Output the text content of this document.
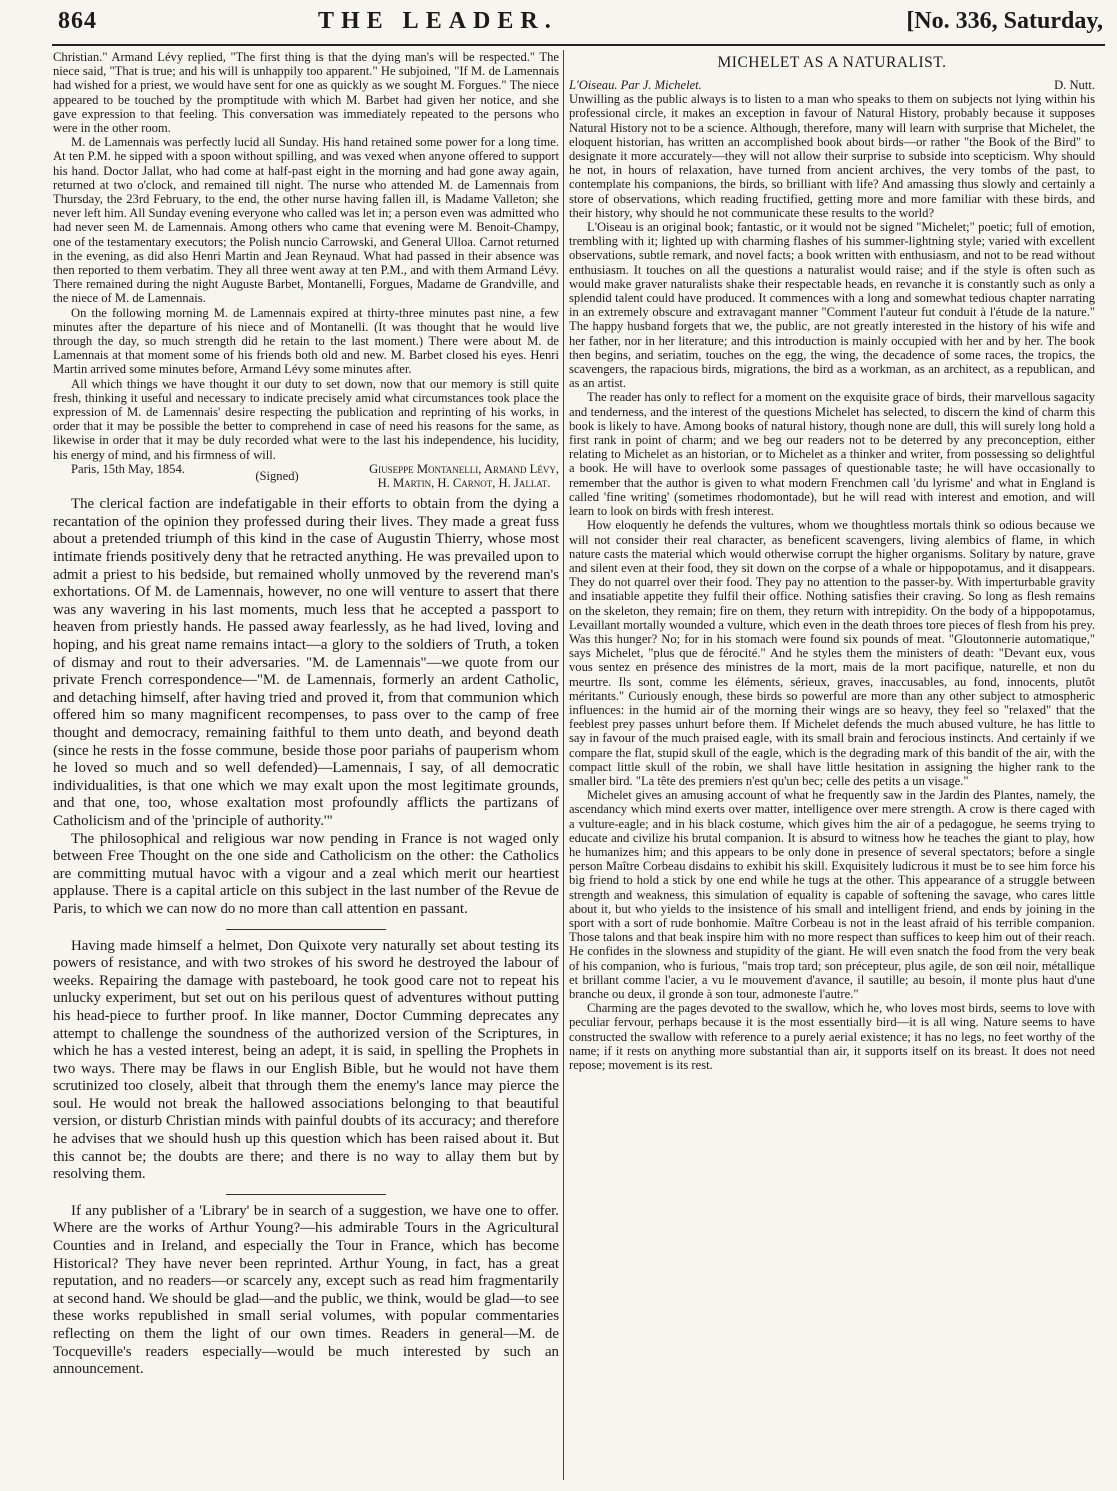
864	THE LEADER.	[No. 336, Saturday,

Christian." Armand Lévy replied, "The first thing is that the dying man's will be respected." The niece said, "That is true; and his will is unhappily too apparent." He subjoined, "If M. de Lamennais had wished for a priest, we would have sent for one as quickly as we sought M. Forgues." The niece appeared to be touched by the promptitude with which M. Barbet had given her notice, and she gave expression to that feeling. This conversation was immediately repeated to the persons who were in the other room.

M. de Lamennais was perfectly lucid all Sunday. His hand retained some power for a long time. At ten P.M. he sipped with a spoon without spilling, and was vexed when anyone offered to support his hand. Doctor Jallat, who had come at half-past eight in the morning and had gone away again, returned at two o'clock, and remained till night. The nurse who attended M. de Lamennais from Thursday, the 23rd February, to the end, the other nurse having fallen ill, is Madame Valleton; she never left him. All Sunday evening everyone who called was let in; a person even was admitted who had never seen M. de Lamennais. Among others who came that evening were M. Benoit-Champy, one of the testamentary executors; the Polish nuncio Carrowski, and General Ulloa. Carnot returned in the evening, as did also Henri Martin and Jean Reynaud. What had passed in their absence was then reported to them verbatim. They all three went away at ten P.M., and with them Armand Lévy. There remained during the night Auguste Barbet, Montanelli, Forgues, Madame de Grandville, and the niece of M. de Lamennais.

On the following morning M. de Lamennais expired at thirty-three minutes past nine, a few minutes after the departure of his niece and of Montanelli. (It was thought that he would live through the day, so much strength did he retain to the last moment.) There were about M. de Lamennais at that moment some of his friends both old and new. M. Barbet closed his eyes. Henri Martin arrived some minutes before, Armand Lévy some minutes after.

All which things we have thought it our duty to set down, now that our memory is still quite fresh, thinking it useful and necessary to indicate precisely amid what circumstances took place the expression of M. de Lamennais' desire respecting the publication and reprinting of his works, in order that it may be possible the better to comprehend in case of need his reasons for the same, as likewise in order that it may be duly recorded what were to the last his independence, his lucidity, his energy of mind, and his firmness of will.

Paris, 15th May, 1854.	(Signed)	Giuseppe Montanelli, Armand Lévy,
H. Martin, H. Carnot, H. Jallat.

The clerical faction are indefatigable in their efforts to obtain from the dying a recantation of the opinion they professed during their lives. They made a great fuss about a pretended triumph of this kind in the case of Augustin Thierry, whose most intimate friends positively deny that he retracted anything. He was prevailed upon to admit a priest to his bedside, but remained wholly unmoved by the reverend man's exhortations. Of M. de Lamennais, however, no one will venture to assert that there was any wavering in his last moments, much less that he accepted a passport to heaven from priestly hands. He passed away fearlessly, as he had lived, loving and hoping, and his great name remains intact—a glory to the soldiers of Truth, a token of dismay and rout to their adversaries. "M. de Lamennais"—we quote from our private French correspondence—"M. de Lamennais, formerly an ardent Catholic, and detaching himself, after having tried and proved it, from that communion which offered him so many magnificent recompenses, to pass over to the camp of free thought and democracy, remaining faithful to them unto death, and beyond death (since he rests in the fosse commune, beside those poor pariahs of pauperism whom he loved so much and so well defended)—Lamennais, I say, of all democratic individualities, is that one which we may exalt upon the most legitimate grounds, and that one, too, whose exaltation most profoundly afflicts the partizans of Catholicism and of the 'principle of authority.'"

The philosophical and religious war now pending in France is not waged only between Free Thought on the one side and Catholicism on the other: the Catholics are committing mutual havoc with a vigour and a zeal which merit our heartiest applause. There is a capital article on this subject in the last number of the Revue de Paris, to which we can now do no more than call attention en passant.

Having made himself a helmet, Don Quixote very naturally set about testing its powers of resistance, and with two strokes of his sword he destroyed the labour of weeks. Repairing the damage with pasteboard, he took good care not to repeat his unlucky experiment, but set out on his perilous quest of adventures without putting his head-piece to further proof. In like manner, Doctor Cumming deprecates any attempt to challenge the soundness of the authorized version of the Scriptures, in which he has a vested interest, being an adept, it is said, in spelling the Prophets in two ways. There may be flaws in our English Bible, but he would not have them scrutinized too closely, albeit that through them the enemy's lance may pierce the soul. He would not break the hallowed associations belonging to that beautiful version, or disturb Christian minds with painful doubts of its accuracy; and therefore he advises that we should hush up this question which has been raised about it. But this cannot be; the doubts are there; and there is no way to allay them but by resolving them.

If any publisher of a 'Library' be in search of a suggestion, we have one to offer. Where are the works of Arthur Young?—his admirable Tours in the Agricultural Counties and in Ireland, and especially the Tour in France, which has become Historical? They have never been reprinted. Arthur Young, in fact, has a great reputation, and no readers—or scarcely any, except such as read him fragmentarily at second hand. We should be glad—and the public, we think, would be glad—to see these works republished in small serial volumes, with popular commentaries reflecting on them the light of our own times. Readers in general—M. de Tocqueville's readers especially—would be much interested by such an announcement.

MICHELET AS A NATURALIST.
L'Oiseau. Par J. Michelet.	D. Nutt.

Unwilling as the public always is to listen to a man who speaks to them on subjects not lying within his professional circle, it makes an exception in favour of Natural History, probably because it supposes Natural History not to be a science. Although, therefore, many will learn with surprise that Michelet, the eloquent historian, has written an accomplished book about birds—or rather "the Book of the Bird" to designate it more accurately—they will not allow their surprise to subside into scepticism. Why should he not, in hours of relaxation, have turned from ancient archives, the very tombs of the past, to contemplate his companions, the birds, so brilliant with life? And amassing thus slowly and certainly a store of observations, which reading fructified, getting more and more familiar with these birds, and their history, why should he not communicate these results to the world?

L'Oiseau is an original book; fantastic, or it would not be signed "Michelet;" poetic; full of emotion, trembling with it; lighted up with charming flashes of his summer-lightning style; varied with excellent observations, subtle remark, and novel facts; a book written with enthusiasm, and not to be read without enthusiasm. It touches on all the questions a naturalist would raise; and if the style is often such as would make graver naturalists shake their respectable heads, en revanche it is constantly such as only a splendid talent could have produced. It commences with a long and somewhat tedious chapter narrating in an extremely obscure and extravagant manner "Comment l'auteur fut conduit à l'étude de la nature." The happy husband forgets that we, the public, are not greatly interested in the history of his wife and her father, nor in her literature; and this introduction is mainly occupied with her and by her. The book then begins, and seriatim, touches on the egg, the wing, the decadence of some races, the tropics, the scavengers, the rapacious birds, migrations, the bird as a workman, as an architect, as a republican, and as an artist.

The reader has only to reflect for a moment on the exquisite grace of birds, their marvellous sagacity and tenderness, and the interest of the questions Michelet has selected, to discern the kind of charm this book is likely to have. Among books of natural history, though none are dull, this will surely long hold a first rank in point of charm; and we beg our readers not to be deterred by any preconception, either relating to Michelet as an historian, or to Michelet as a thinker and writer, from possessing so delightful a book. He will have to overlook some passages of questionable taste; he will have occasionally to remember that the author is given to what modern Frenchmen call 'du lyrisme' and what in England is called 'fine writing' (sometimes rhodomontade), but he will read with interest and emotion, and will learn to look on birds with fresh interest.

How eloquently he defends the vultures, whom we thoughtless mortals think so odious because we will not consider their real character, as beneficent scavengers, living alembics of flame, in which nature casts the material which would otherwise corrupt the higher organisms. Solitary by nature, grave and silent even at their food, they sit down on the corpse of a whale or hippopotamus, and it disappears. They do not quarrel over their food. They pay no attention to the passer-by. With imperturbable gravity and insatiable appetite they fulfil their office. Nothing satisfies their craving. So long as flesh remains on the skeleton, they remain; fire on them, they return with intrepidity. On the body of a hippopotamus, Levaillant mortally wounded a vulture, which even in the death throes tore pieces of flesh from his prey. Was this hunger? No; for in his stomach were found six pounds of meat. "Gloutonnerie automatique," says Michelet, "plus que de férocité." And he styles them the ministers of death: "Devant eux, vous vous sentez en présence des ministres de la mort, mais de la mort pacifique, naturelle, et non du meurtre. Ils sont, comme les éléments, sérieux, graves, inaccusables, au fond, innocents, plutôt méritants." Curiously enough, these birds so powerful are more than any other subject to atmospheric influences: in the humid air of the morning their wings are so heavy, they feel so "relaxed" that the feeblest prey passes unhurt before them. If Michelet defends the much abused vulture, he has little to say in favour of the much praised eagle, with its small brain and ferocious instincts. And certainly if we compare the flat, stupid skull of the eagle, which is the degrading mark of this bandit of the air, with the compact little skull of the robin, we shall have little hesitation in assigning the higher rank to the smaller bird. "La tête des premiers n'est qu'un bec; celle des petits a un visage."

Michelet gives an amusing account of what he frequently saw in the Jardin des Plantes, namely, the ascendancy which mind exerts over matter, intelligence over mere strength. A crow is there caged with a vulture-eagle; and in his black costume, which gives him the air of a pedagogue, he seems trying to educate and civilize his brutal companion. It is absurd to witness how he teaches the giant to play, how he humanizes him; and this appears to be only done in presence of several spectators; before a single person Maître Corbeau disdains to exhibit his skill. Exquisitely ludicrous it must be to see him force his big friend to hold a stick by one end while he tugs at the other. This appearance of a struggle between strength and weakness, this simulation of equality is capable of softening the savage, who cares little about it, but who yields to the insistence of his small and intelligent friend, and ends by joining in the sport with a sort of rude bonhomie. Maître Corbeau is not in the least afraid of his terrible companion. Those talons and that beak inspire him with no more respect than suffices to keep him out of their reach. He confides in the slowness and stupidity of the giant. He will even snatch the food from the very beak of his companion, who is furious, "mais trop tard; son précepteur, plus agile, de son œil noir, métallique et brillant comme l'acier, a vu le mouvement d'avance, il sautille; au besoin, il monte plus haut d'une branche ou deux, il gronde à son tour, admoneste l'autre."

Charming are the pages devoted to the swallow, which he, who loves most birds, seems to love with peculiar fervour, perhaps because it is the most essentially bird—it is all wing. Nature seems to have constructed the swallow with reference to a purely aerial existence; it has no legs, no feet worthy of the name; if it rests on anything more substantial than air, it supports itself on its breast. It does not need repose; movement is its rest.
